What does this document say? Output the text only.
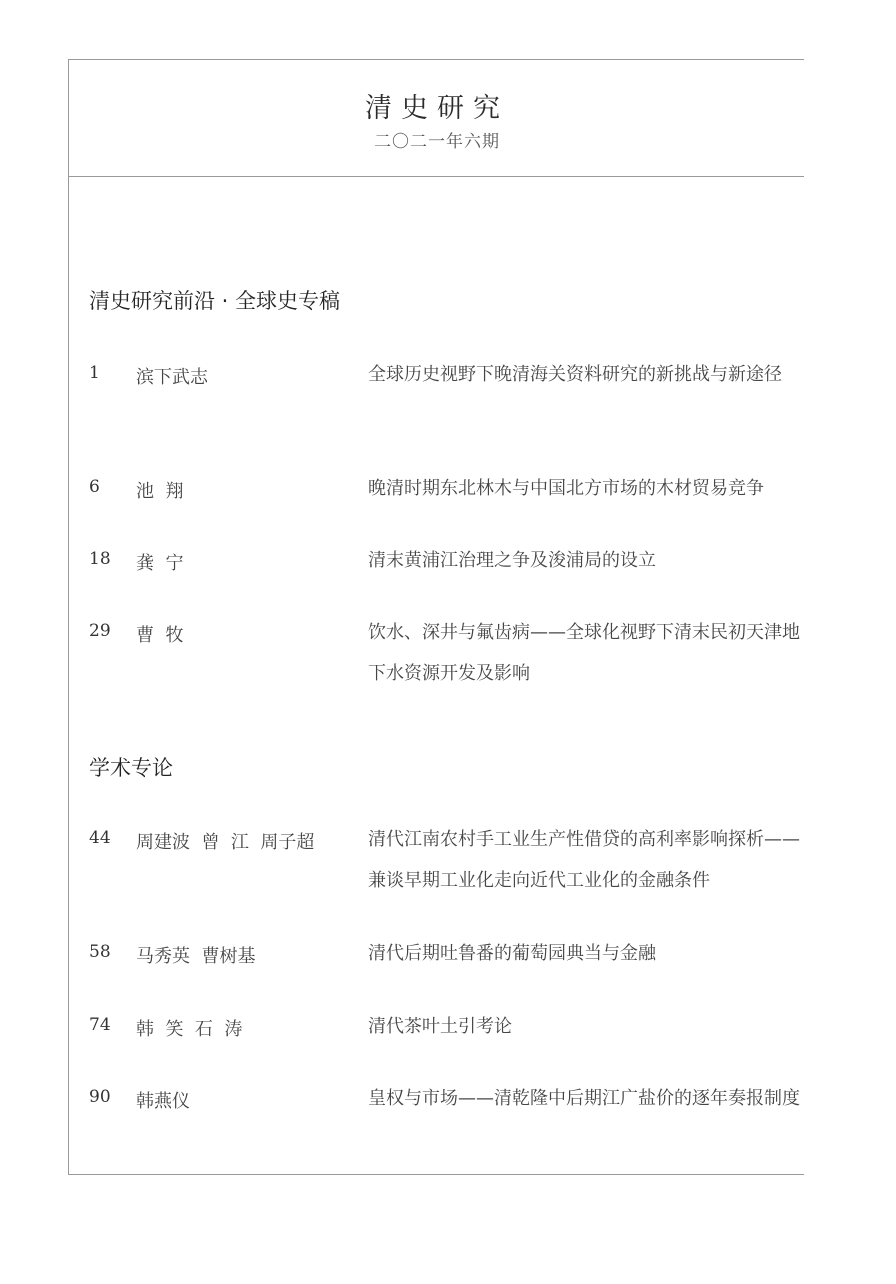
清史研究
二〇二一年六期
清史研究前沿 · 全球史专稿
1 滨下武志	全球历史视野下晚清海关资料研究的新挑战与新途径
6 池  翔	晚清时期东北林木与中国北方市场的木材贸易竞争
18 龚  宁	清末黄浦江治理之争及浚浦局的设立
29 曹  牧	饮水、深井与氟齿病——全球化视野下清末民初天津地下水资源开发及影响
学术专论
44 周建波  曾  江  周子超	清代江南农村手工业生产性借贷的高利率影响探析——兼谈早期工业化走向近代工业化的金融条件
58 马秀英  曹树基	清代后期吐鲁番的葡萄园典当与金融
74 韩  笑  石  涛	清代茶叶土引考论
90 韩燕仪	皇权与市场——清乾隆中后期江广盐价的逐年奏报制度
